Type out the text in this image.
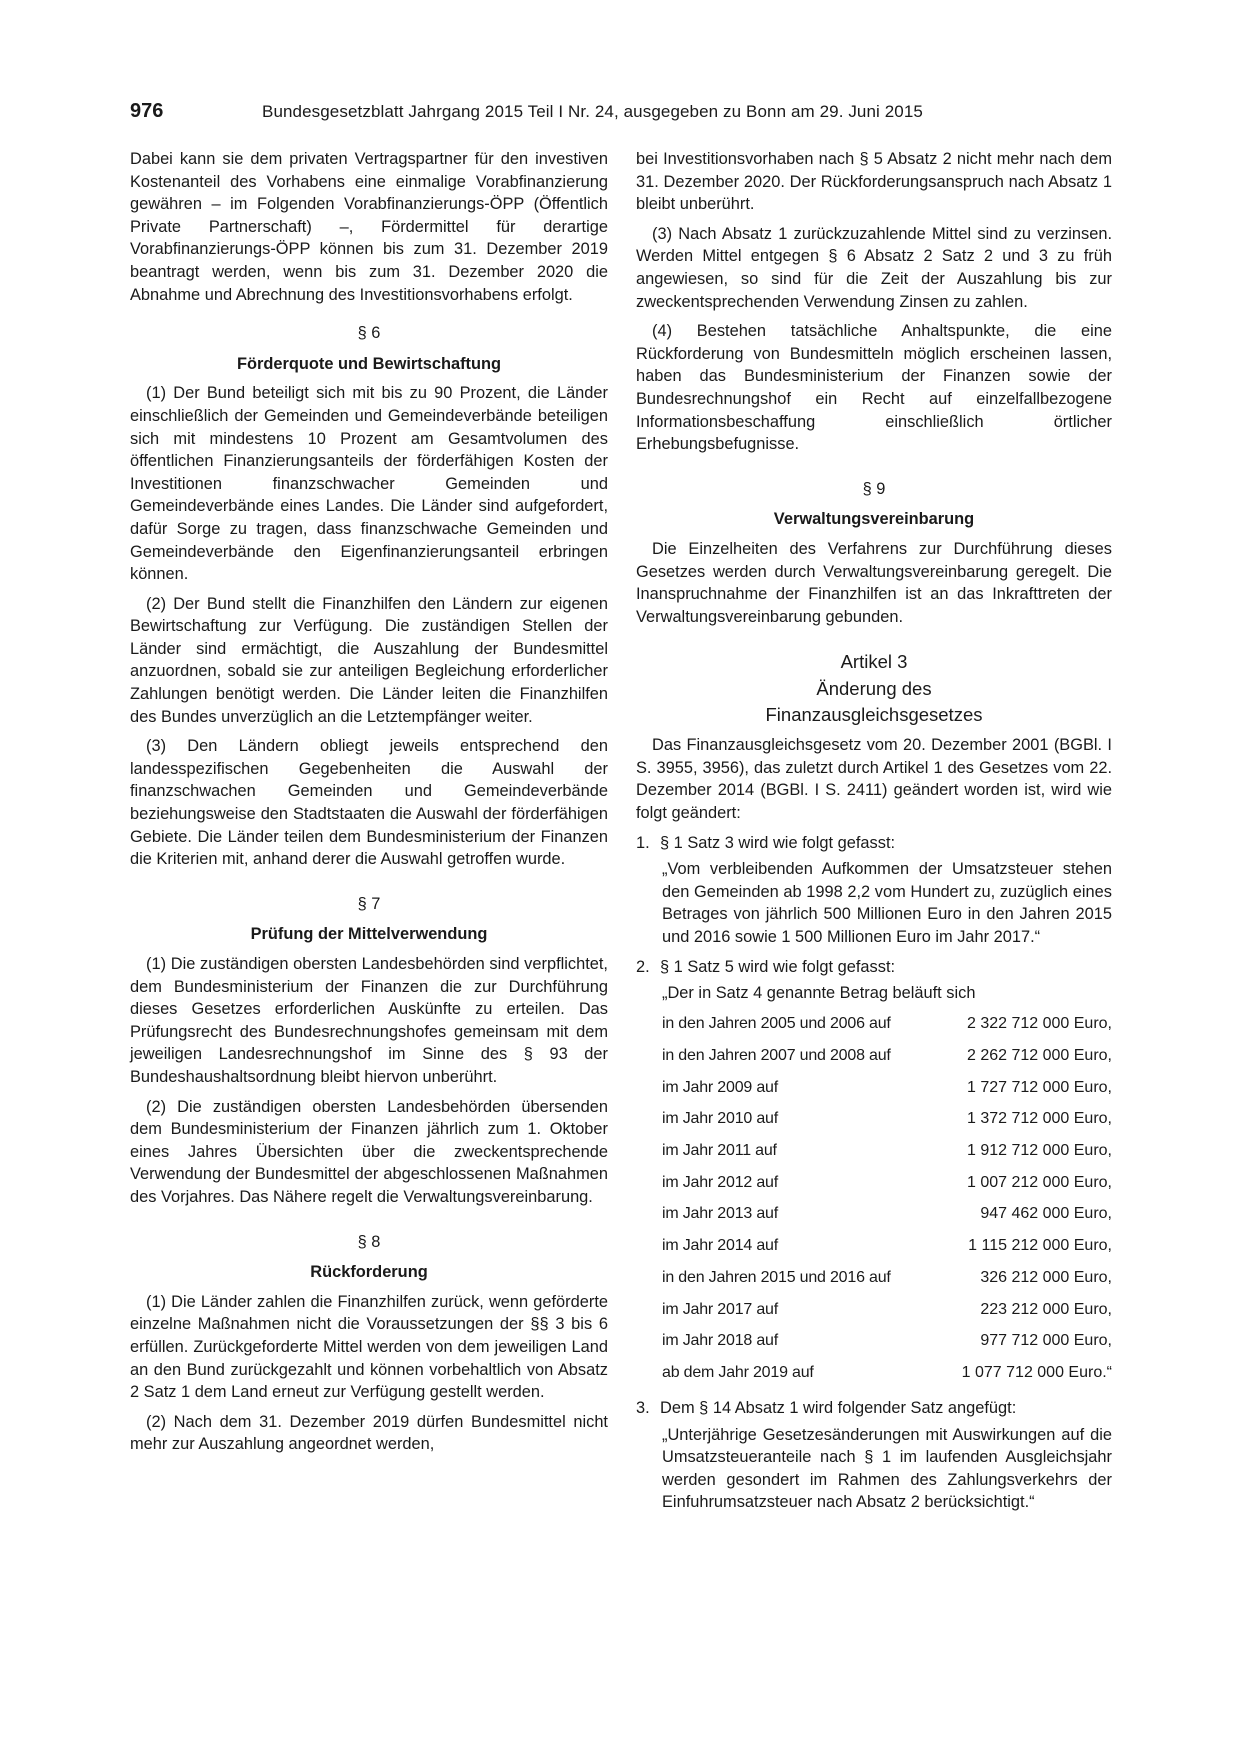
976	Bundesgesetzblatt Jahrgang 2015 Teil I Nr. 24, ausgegeben zu Bonn am 29. Juni 2015

Dabei kann sie dem privaten Vertragspartner für den investiven Kostenanteil des Vorhabens eine einmalige Vorabfinanzierung gewähren – im Folgenden Vorabfinanzierungs-ÖPP (Öffentlich Private Partnerschaft) –, Fördermittel für derartige Vorabfinanzierungs-ÖPP können bis zum 31. Dezember 2019 beantragt werden, wenn bis zum 31. Dezember 2020 die Abnahme und Abrechnung des Investitionsvorhabens erfolgt.

§ 6

Förderquote und Bewirtschaftung

(1) Der Bund beteiligt sich mit bis zu 90 Prozent, die Länder einschließlich der Gemeinden und Gemeindeverbände beteiligen sich mit mindestens 10 Prozent am Gesamtvolumen des öffentlichen Finanzierungsanteils der förderfähigen Kosten der Investitionen finanzschwacher Gemeinden und Gemeindeverbände eines Landes. Die Länder sind aufgefordert, dafür Sorge zu tragen, dass finanzschwache Gemeinden und Gemeindeverbände den Eigenfinanzierungsanteil erbringen können.

(2) Der Bund stellt die Finanzhilfen den Ländern zur eigenen Bewirtschaftung zur Verfügung. Die zuständigen Stellen der Länder sind ermächtigt, die Auszahlung der Bundesmittel anzuordnen, sobald sie zur anteiligen Begleichung erforderlicher Zahlungen benötigt werden. Die Länder leiten die Finanzhilfen des Bundes unverzüglich an die Letztempfänger weiter.

(3) Den Ländern obliegt jeweils entsprechend den landesspezifischen Gegebenheiten die Auswahl der finanzschwachen Gemeinden und Gemeindeverbände beziehungsweise den Stadtstaaten die Auswahl der förderfähigen Gebiete. Die Länder teilen dem Bundesministerium der Finanzen die Kriterien mit, anhand derer die Auswahl getroffen wurde.

§ 7

Prüfung der Mittelverwendung

(1) Die zuständigen obersten Landesbehörden sind verpflichtet, dem Bundesministerium der Finanzen die zur Durchführung dieses Gesetzes erforderlichen Auskünfte zu erteilen. Das Prüfungsrecht des Bundesrechnungshofes gemeinsam mit dem jeweiligen Landesrechnungshof im Sinne des § 93 der Bundeshaushaltsordnung bleibt hiervon unberührt.

(2) Die zuständigen obersten Landesbehörden übersenden dem Bundesministerium der Finanzen jährlich zum 1. Oktober eines Jahres Übersichten über die zweckentsprechende Verwendung der Bundesmittel der abgeschlossenen Maßnahmen des Vorjahres. Das Nähere regelt die Verwaltungsvereinbarung.

§ 8

Rückforderung

(1) Die Länder zahlen die Finanzhilfen zurück, wenn geförderte einzelne Maßnahmen nicht die Voraussetzungen der §§ 3 bis 6 erfüllen. Zurückgeforderte Mittel werden von dem jeweiligen Land an den Bund zurückgezahlt und können vorbehaltlich von Absatz 2 Satz 1 dem Land erneut zur Verfügung gestellt werden.

(2) Nach dem 31. Dezember 2019 dürfen Bundesmittel nicht mehr zur Auszahlung angeordnet werden,

bei Investitionsvorhaben nach § 5 Absatz 2 nicht mehr nach dem 31. Dezember 2020. Der Rückforderungsanspruch nach Absatz 1 bleibt unberührt.

(3) Nach Absatz 1 zurückzuzahlende Mittel sind zu verzinsen. Werden Mittel entgegen § 6 Absatz 2 Satz 2 und 3 zu früh angewiesen, so sind für die Zeit der Auszahlung bis zur zweckentsprechenden Verwendung Zinsen zu zahlen.

(4) Bestehen tatsächliche Anhaltspunkte, die eine Rückforderung von Bundesmitteln möglich erscheinen lassen, haben das Bundesministerium der Finanzen sowie der Bundesrechnungshof ein Recht auf einzelfallbezogene Informationsbeschaffung einschließlich örtlicher Erhebungsbefugnisse.

§ 9

Verwaltungsvereinbarung

Die Einzelheiten des Verfahrens zur Durchführung dieses Gesetzes werden durch Verwaltungsvereinbarung geregelt. Die Inanspruchnahme der Finanzhilfen ist an das Inkrafttreten der Verwaltungsvereinbarung gebunden.

Artikel 3

Änderung des
Finanzausgleichsgesetzes

Das Finanzausgleichsgesetz vom 20. Dezember 2001 (BGBl. I S. 3955, 3956), das zuletzt durch Artikel 1 des Gesetzes vom 22. Dezember 2014 (BGBl. I S. 2411) geändert worden ist, wird wie folgt geändert:

1. § 1 Satz 3 wird wie folgt gefasst:

„Vom verbleibenden Aufkommen der Umsatzsteuer stehen den Gemeinden ab 1998 2,2 vom Hundert zu, zuzüglich eines Betrages von jährlich 500 Millionen Euro in den Jahren 2015 und 2016 sowie 1 500 Millionen Euro im Jahr 2017.“

2. § 1 Satz 5 wird wie folgt gefasst:

„Der in Satz 4 genannte Betrag beläuft sich

in den Jahren 2005 und 2006 auf	2 322 712 000 Euro,
in den Jahren 2007 und 2008 auf	2 262 712 000 Euro,
im Jahr 2009 auf	1 727 712 000 Euro,
im Jahr 2010 auf	1 372 712 000 Euro,
im Jahr 2011 auf	1 912 712 000 Euro,
im Jahr 2012 auf	1 007 212 000 Euro,
im Jahr 2013 auf	947 462 000 Euro,
im Jahr 2014 auf	1 115 212 000 Euro,
in den Jahren 2015 und 2016 auf	326 212 000 Euro,
im Jahr 2017 auf	223 212 000 Euro,
im Jahr 2018 auf	977 712 000 Euro,
ab dem Jahr 2019 auf	1 077 712 000 Euro.“
3. Dem § 14 Absatz 1 wird folgender Satz angefügt:

„Unterjährige Gesetzesänderungen mit Auswirkungen auf die Umsatzsteueranteile nach § 1 im laufenden Ausgleichsjahr werden gesondert im Rahmen des Zahlungsverkehrs der Einfuhrumsatzsteuer nach Absatz 2 berücksichtigt.“
